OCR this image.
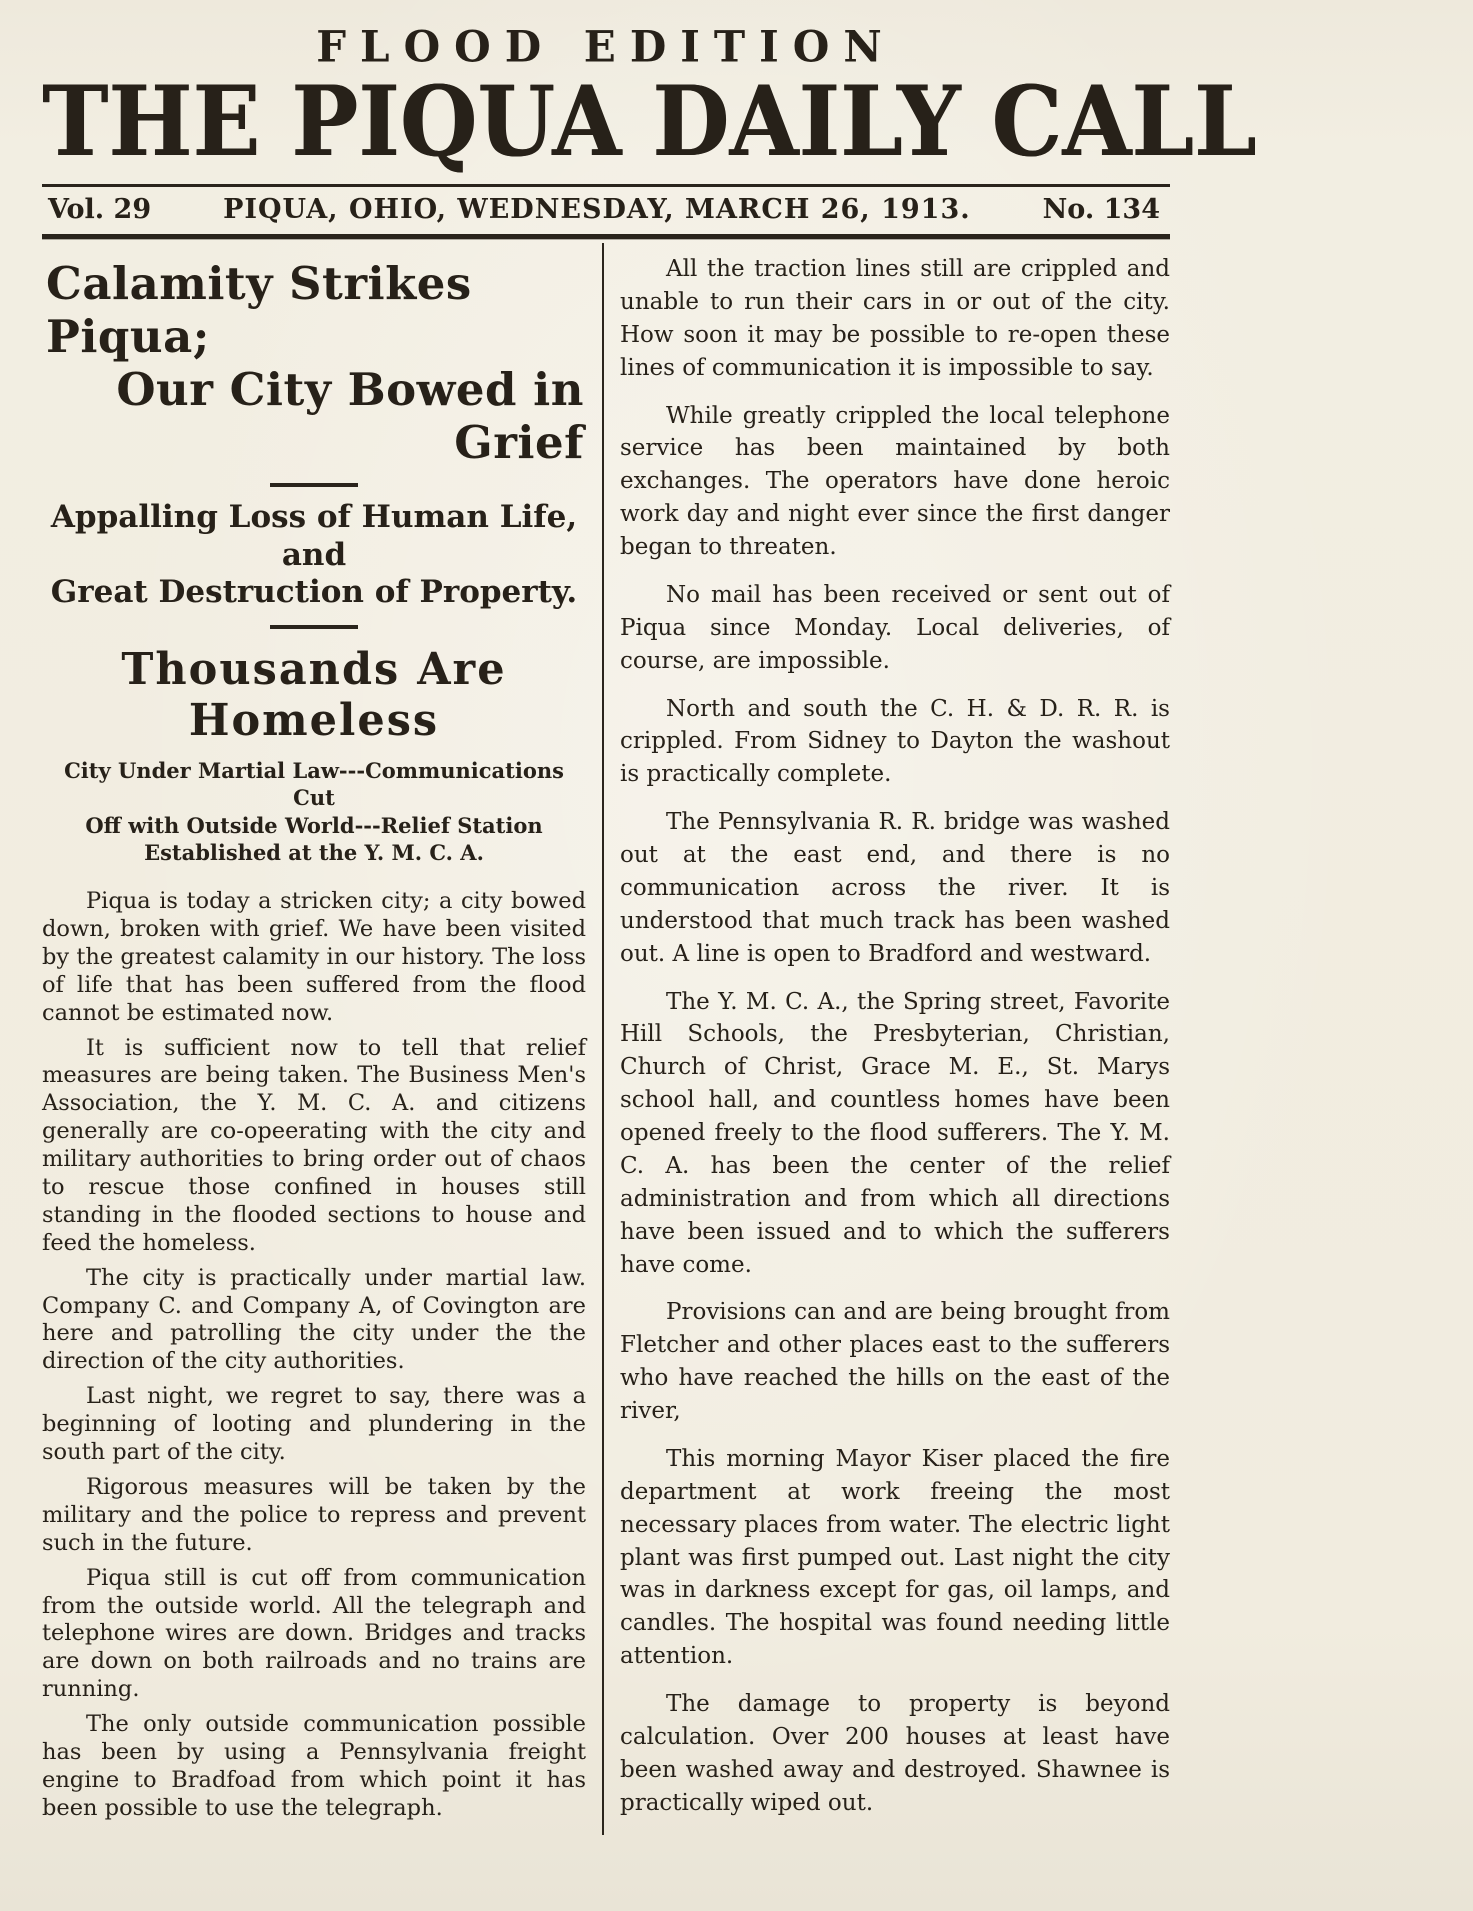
FLOOD EDITION
THE PIQUA DAILY CALL
Vol. 29	PIQUA, OHIO, WEDNESDAY, MARCH 26, 1913.	No. 134
Calamity Strikes Piqua;
Our City Bowed in Grief
Appalling Loss of Human Life, and
Great Destruction of Property.
Thousands Are Homeless
City Under Martial Law---Communications Cut
Off with Outside World---Relief Station
Established at the Y. M. C. A.

Piqua is today a stricken city; a city bowed down, broken with grief. We have been visited by the greatest calamity in our history. The loss of life that has been suffered from the flood cannot be estimated now.

It is sufficient now to tell that relief measures are being taken. The Business Men's Association, the Y. M. C. A. and citizens generally are co-opeerating with the city and military authorities to bring order out of chaos to rescue those confined in houses still standing in the flooded sections to house and feed the homeless.

The city is practically under martial law. Company C. and Company A, of Covington are here and patrolling the city under the the direction of the city authorities.

Last night, we regret to say, there was a beginning of looting and plundering in the south part of the city.

Rigorous measures will be taken by the military and the police to repress and prevent such in the future.

Piqua still is cut off from communication from the outside world. All the telegraph and telephone wires are down. Bridges and tracks are down on both railroads and no trains are running.

The only outside communication possible has been by using a Pennsylvania freight engine to Bradfoad from which point it has been possible to use the telegraph.

All the traction lines still are crippled and unable to run their cars in or out of the city. How soon it may be possible to re-open these lines of communication it is impossible to say.

While greatly crippled the local telephone service has been maintained by both exchanges. The operators have done heroic work day and night ever since the first danger began to threaten.

No mail has been received or sent out of Piqua since Monday. Local deliveries, of course, are impossible.

North and south the C. H. & D. R. R. is crippled. From Sidney to Dayton the washout is practically complete.

The Pennsylvania R. R. bridge was washed out at the east end, and there is no communication across the river. It is understood that much track has been washed out. A line is open to Bradford and westward.

The Y. M. C. A., the Spring street, Favorite Hill Schools, the Presbyterian, Christian, Church of Christ, Grace M. E., St. Marys school hall, and countless homes have been opened freely to the flood sufferers. The Y. M. C. A. has been the center of the relief administration and from which all directions have been issued and to which the sufferers have come.

Provisions can and are being brought from Fletcher and other places east to the sufferers who have reached the hills on the east of the river,

This morning Mayor Kiser placed the fire department at work freeing the most necessary places from water. The electric light plant was first pumped out. Last night the city was in darkness except for gas, oil lamps, and candles. The hospital was found needing little attention.

The damage to property is beyond calculation. Over 200 houses at least have been washed away and destroyed. Shawnee is practically wiped out.
